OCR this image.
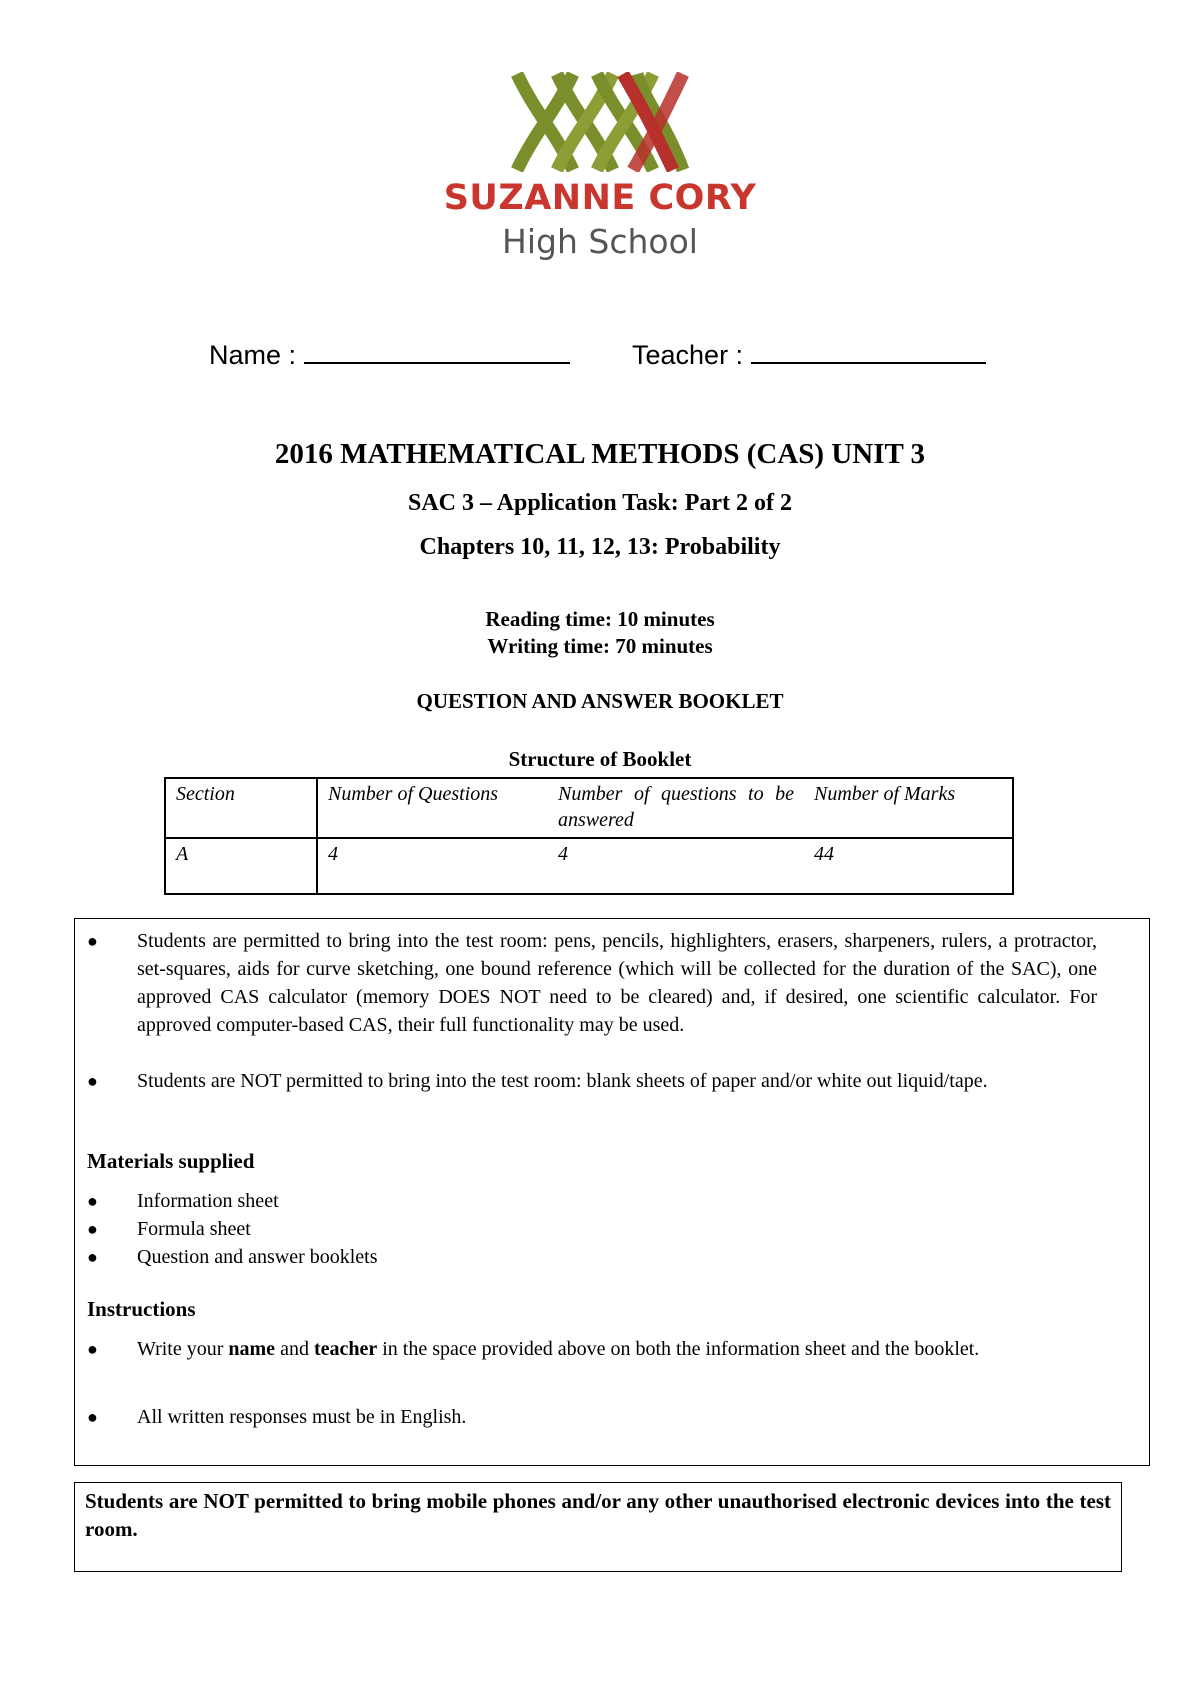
SUZANNE CORY
High School
Name :	Teacher :
2016 MATHEMATICAL METHODS (CAS) UNIT 3
SAC 3 – Application Task: Part 2 of 2
Chapters 10, 11, 12, 13: Probability
Reading time: 10 minutes
Writing time: 70 minutes
QUESTION AND ANSWER BOOKLET
Structure of Booklet
Section	Number of Questions	Number of questions to be answered	Number of Marks
A	4	4	44
● Students are permitted to bring into the test room: pens, pencils, highlighters, erasers, sharpeners, rulers, a protractor, set-squares, aids for curve sketching, one bound reference (which will be collected for the duration of the SAC), one approved CAS calculator (memory DOES NOT need to be cleared) and, if desired, one scientific calculator. For approved computer-based CAS, their full functionality may be used.
● Students are NOT permitted to bring into the test room: blank sheets of paper and/or white out liquid/tape.
Materials supplied
● Information sheet
● Formula sheet
● Question and answer booklets
Instructions
● Write your name and teacher in the space provided above on both the information sheet and the booklet.
● All written responses must be in English.
Students are NOT permitted to bring mobile phones and/or any other unauthorised electronic devices into the test room.
